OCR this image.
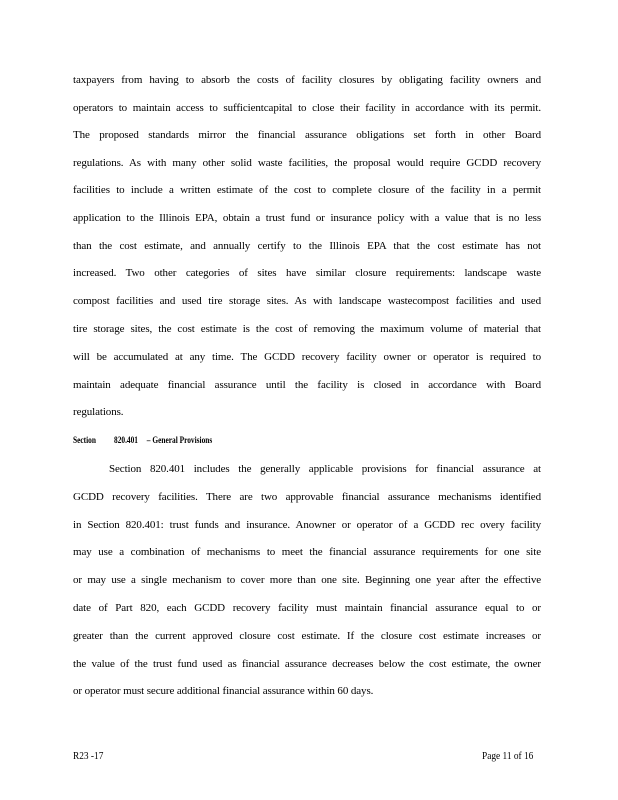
taxpayers from having to absorb the costs of facility closures by obligating facility owners and
operators to maintain access to sufficientcapital to close their facility in accordance with its permit.
The proposed standards mirror the financial assurance obligations set forth in other Board
regulations. As with many other solid waste facilities, the proposal would require GCDD recovery
facilities to include a written estimate of the cost to complete closure of the facility in a permit
application to the Illinois EPA, obtain a trust fund or insurance policy with a value that is no less
than the cost estimate, and annually certify to the Illinois EPA that the cost estimate has not
increased. Two other categories of sites have similar closure requirements: landscape waste
compost facilities and used tire storage sites. As with landscape wastecompost facilities and used
tire storage sites, the cost estimate is the cost of removing the maximum volume of material that
will be accumulated at any time. The GCDD recovery facility owner or operator is required to
maintain adequate financial assurance until the facility is closed in accordance with Board
regulations.
Section 820.401 – General Provisions
Section 820.401 includes the generally applicable provisions for financial assurance at
GCDD recovery facilities. There are two approvable financial assurance mechanisms identified
in Section 820.401: trust funds and insurance. Anowner or operator of a GCDD rec overy facility
may use a combination of mechanisms to meet the financial assurance requirements for one site
or may use a single mechanism to cover more than one site. Beginning one year after the effective
date of Part 820, each GCDD recovery facility must maintain financial assurance equal to or
greater than the current approved closure cost estimate. If the closure cost estimate increases or
the value of the trust fund used as financial assurance decreases below the cost estimate, the owner
or operator must secure additional financial assurance within 60 days.
R23 -17	Page 11 of 16
